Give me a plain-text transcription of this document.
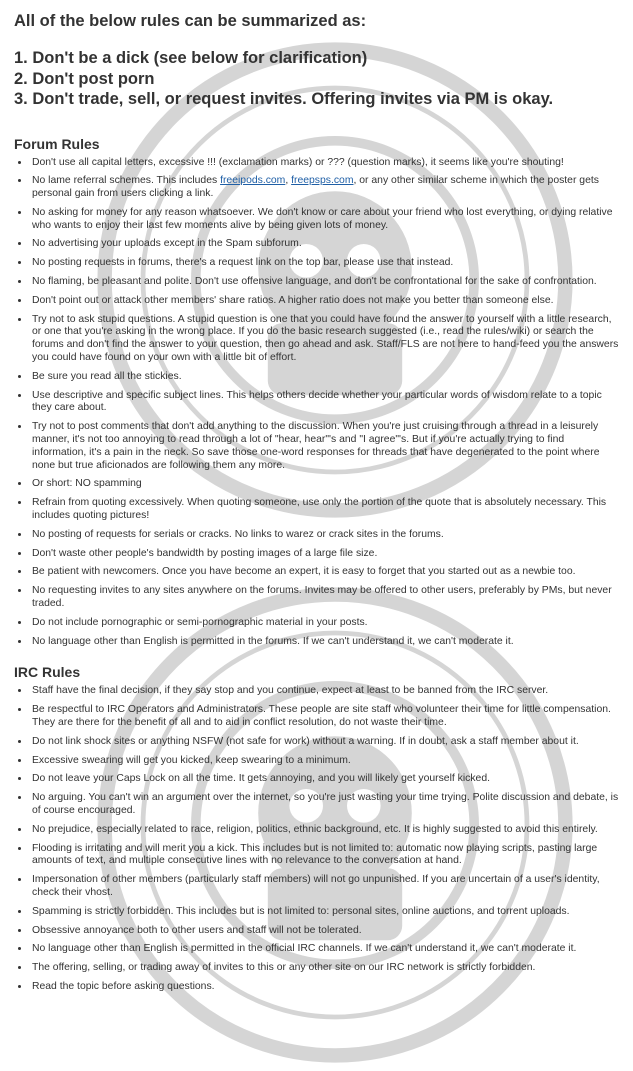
All of the below rules can be summarized as:
1. Don't be a dick (see below for clarification)
2. Don't post porn
3. Don't trade, sell, or request invites. Offering invites via PM is okay.
Forum Rules
• Don't use all capital letters, excessive !!! (exclamation marks) or ??? (question marks), it seems like you're shouting!
• No lame referral schemes. This includes freeipods.com, freepsps.com, or any other similar scheme in which the poster gets personal gain from users clicking a link.
• No asking for money for any reason whatsoever. We don't know or care about your friend who lost everything, or dying relative who wants to enjoy their last few moments alive by being given lots of money.
• No advertising your uploads except in the Spam subforum.
• No posting requests in forums, there's a request link on the top bar, please use that instead.
• No flaming, be pleasant and polite. Don't use offensive language, and don't be confrontational for the sake of confrontation.
• Don't point out or attack other members' share ratios. A higher ratio does not make you better than someone else.
• Try not to ask stupid questions. A stupid question is one that you could have found the answer to yourself with a little research, or one that you're asking in the wrong place. If you do the basic research suggested (i.e., read the rules/wiki) or search the forums and don't find the answer to your question, then go ahead and ask. Staff/FLS are not here to hand-feed you the answers you could have found on your own with a little bit of effort.
• Be sure you read all the stickies.
• Use descriptive and specific subject lines. This helps others decide whether your particular words of wisdom relate to a topic they care about.
• Try not to post comments that don't add anything to the discussion. When you're just cruising through a thread in a leisurely manner, it's not too annoying to read through a lot of "hear, hear"'s and "I agree"'s. But if you're actually trying to find information, it's a pain in the neck. So save those one-word responses for threads that have degenerated to the point where none but true aficionados are following them any more.
• Or short: NO spamming
• Refrain from quoting excessively. When quoting someone, use only the portion of the quote that is absolutely necessary. This includes quoting pictures!
• No posting of requests for serials or cracks. No links to warez or crack sites in the forums.
• Don't waste other people's bandwidth by posting images of a large file size.
• Be patient with newcomers. Once you have become an expert, it is easy to forget that you started out as a newbie too.
• No requesting invites to any sites anywhere on the forums. Invites may be offered to other users, preferably by PMs, but never traded.
• Do not include pornographic or semi-pornographic material in your posts.
• No language other than English is permitted in the forums. If we can't understand it, we can't moderate it.
IRC Rules
• Staff have the final decision, if they say stop and you continue, expect at least to be banned from the IRC server.
• Be respectful to IRC Operators and Administrators. These people are site staff who volunteer their time for little compensation. They are there for the benefit of all and to aid in conflict resolution, do not waste their time.
• Do not link shock sites or anything NSFW (not safe for work) without a warning. If in doubt, ask a staff member about it.
• Excessive swearing will get you kicked, keep swearing to a minimum.
• Do not leave your Caps Lock on all the time. It gets annoying, and you will likely get yourself kicked.
• No arguing. You can't win an argument over the internet, so you're just wasting your time trying. Polite discussion and debate, is of course encouraged.
• No prejudice, especially related to race, religion, politics, ethnic background, etc. It is highly suggested to avoid this entirely.
• Flooding is irritating and will merit you a kick. This includes but is not limited to: automatic now playing scripts, pasting large amounts of text, and multiple consecutive lines with no relevance to the conversation at hand.
• Impersonation of other members (particularly staff members) will not go unpunished. If you are uncertain of a user's identity, check their vhost.
• Spamming is strictly forbidden. This includes but is not limited to: personal sites, online auctions, and torrent uploads.
• Obsessive annoyance both to other users and staff will not be tolerated.
• No language other than English is permitted in the official IRC channels. If we can't understand it, we can't moderate it.
• The offering, selling, or trading away of invites to this or any other site on our IRC network is strictly forbidden.
• Read the topic before asking questions.
